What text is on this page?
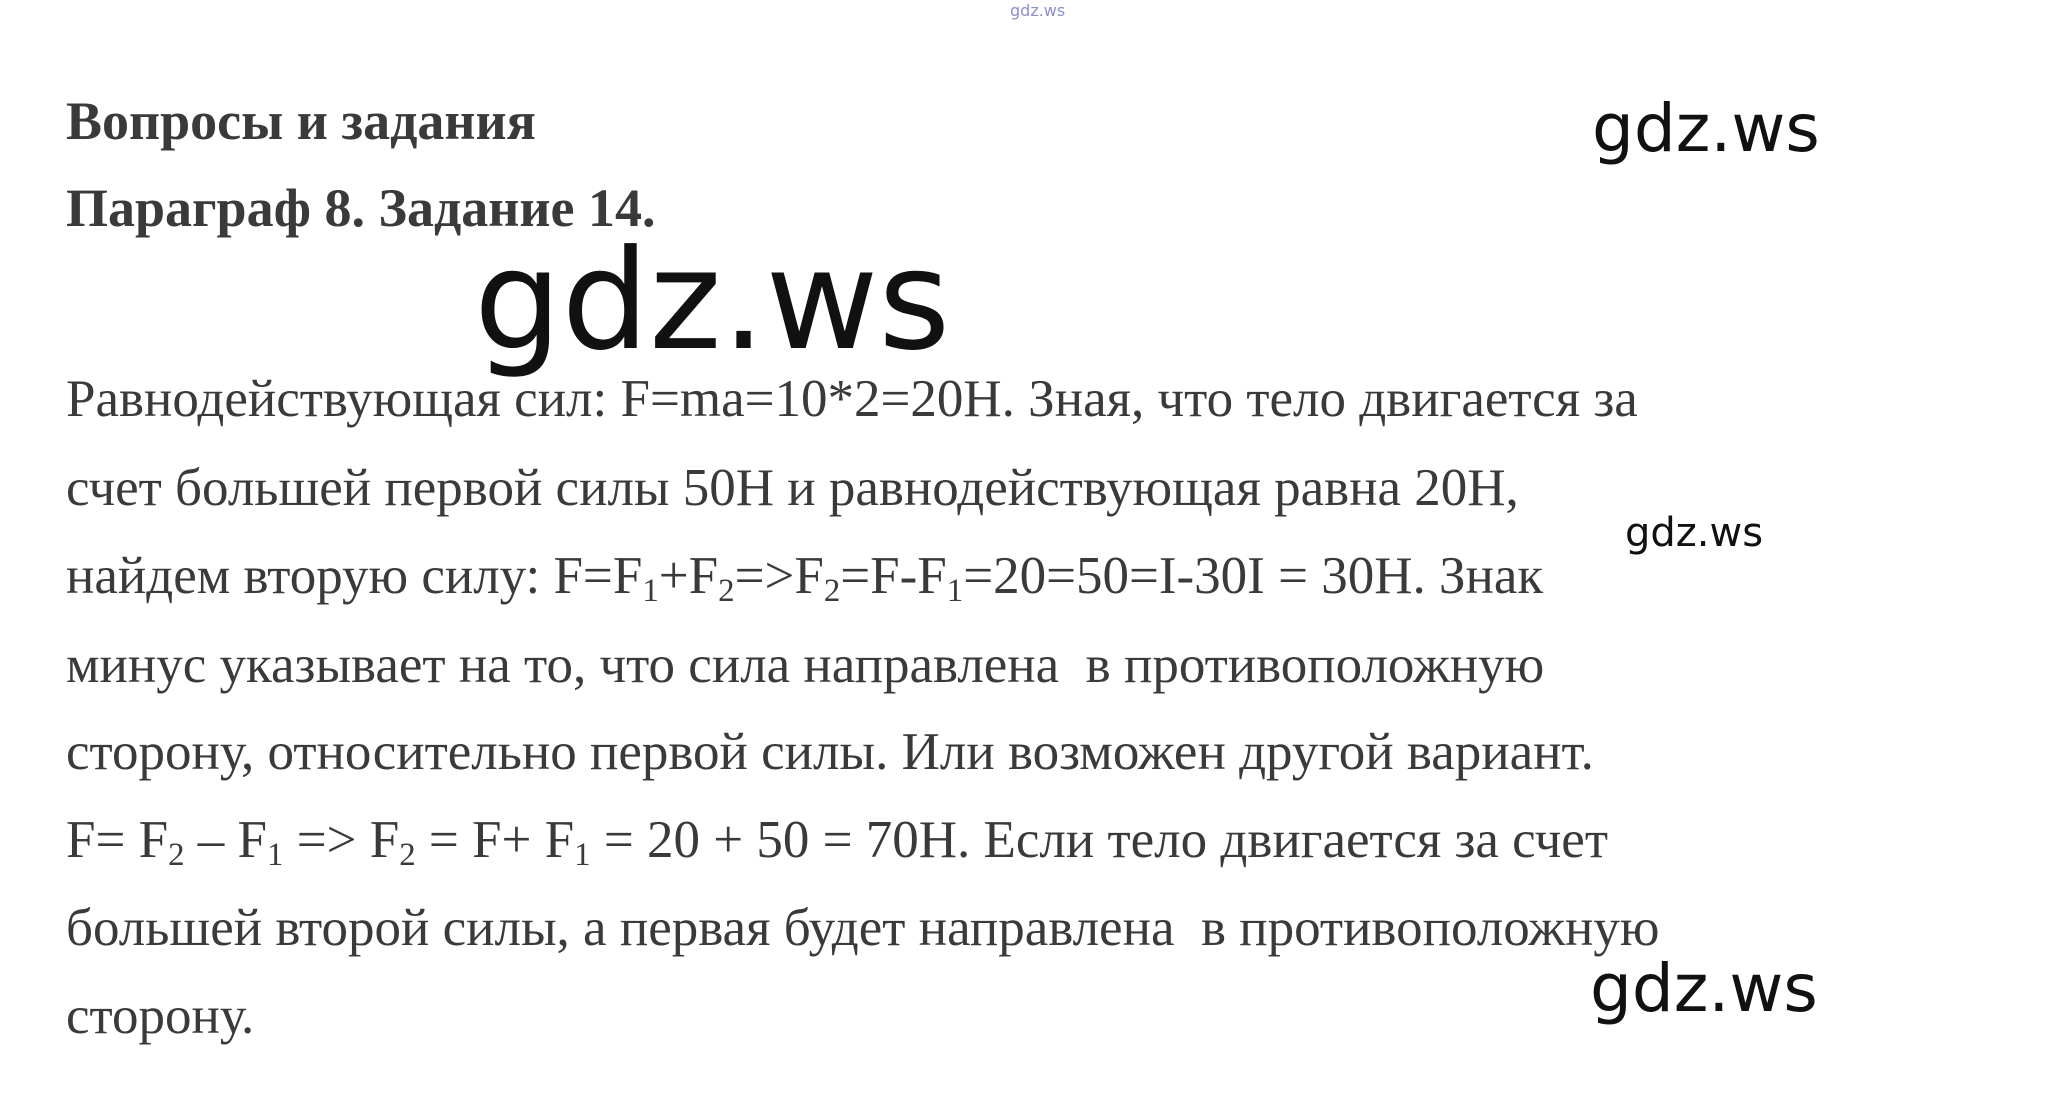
gdz.ws
gdz.ws
gdz.ws
gdz.ws
gdz.ws
Вопросы и задания
Параграф 8. Задание 14.
Равнодействующая сил: F=ma=10*2=20H. Зная, что тело двигается за
счет большей первой силы 50Н и равнодействующая равна 20Н,
найдем вторую силу: $F=F_1+F_2=>F_2=F-F_1=20=50=I-30I = 30H$. Знак
минус указывает на то, что сила направлена  в противоположную
сторону, относительно первой силы. Или возможен другой вариант.
$F= F_2 - F_1 => F_2 = F+ F_1 = 20 + 50 = 70H$. Если тело двигается за счет
большей второй силы, а первая будет направлена  в противоположную
сторону.
